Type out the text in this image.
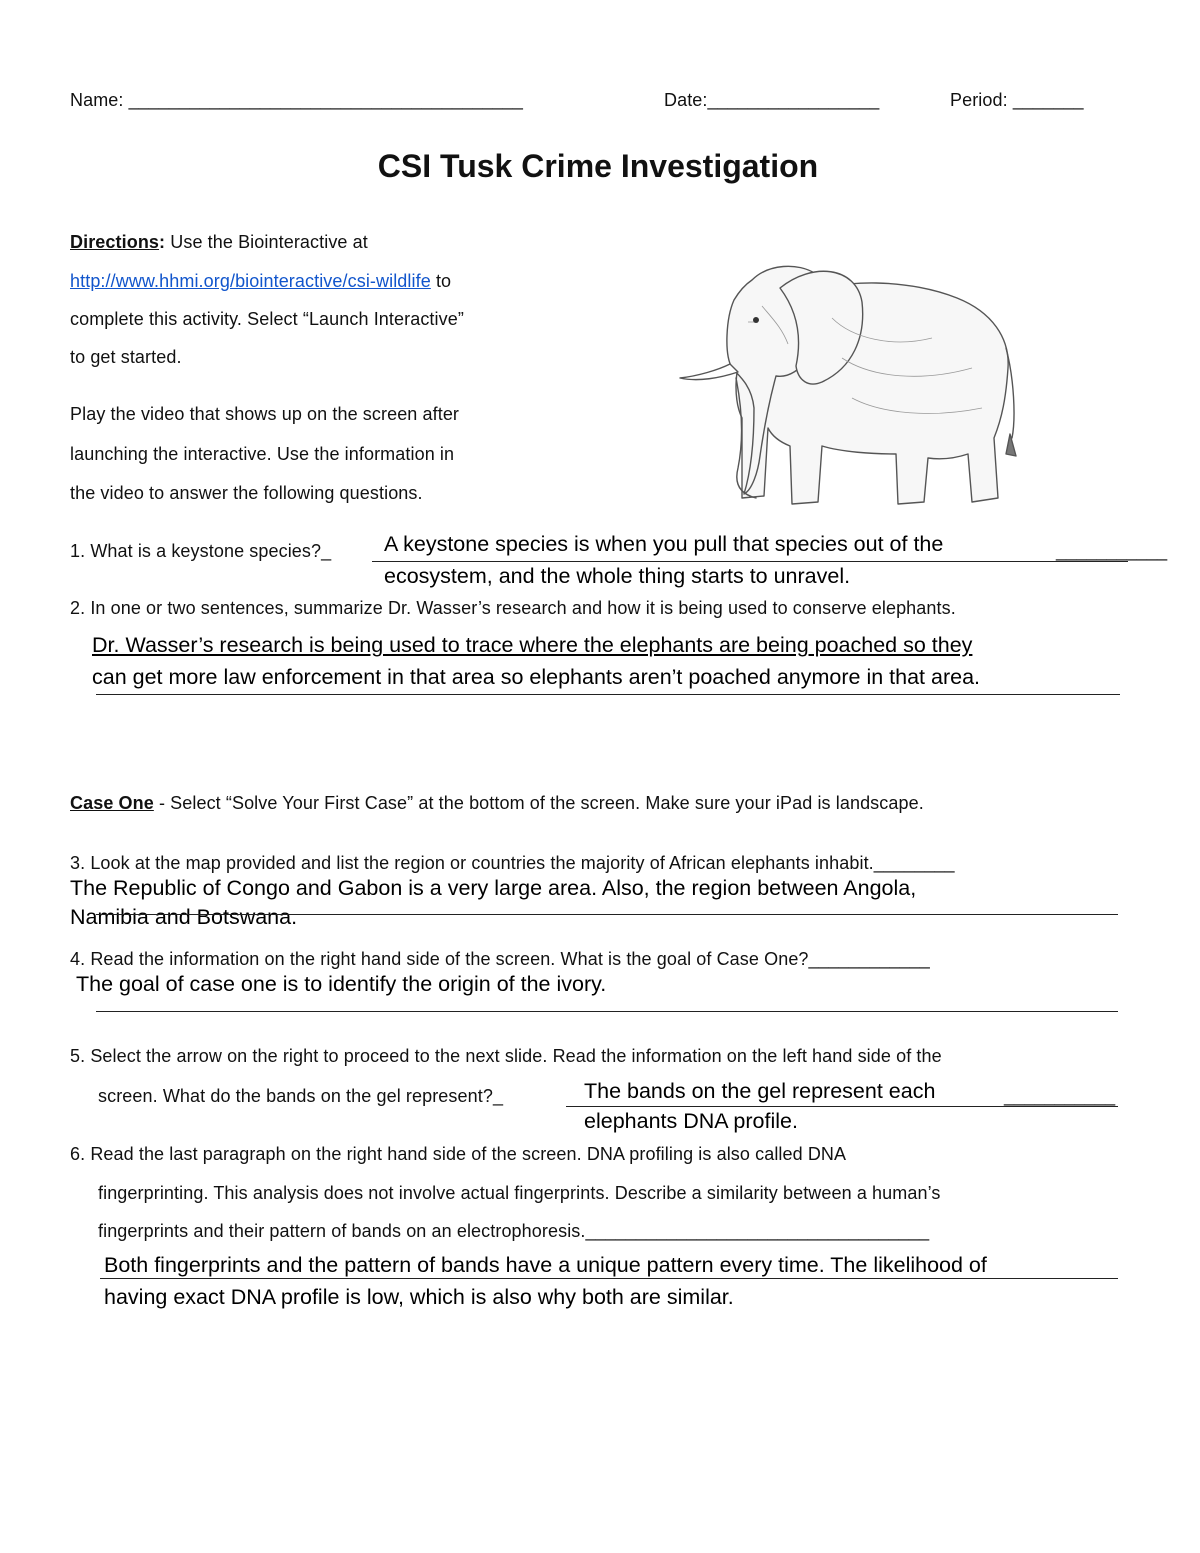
Name: _______________________________________	Date:_________________	Period: _______
CSI Tusk Crime Investigation
Directions: Use the Biointeractive at
http://www.hhmi.org/biointeractive/csi-wildlife to
complete this activity. Select “Launch Interactive”
to get started.
Play the video that shows up on the screen after
launching the interactive. Use the information in
the video to answer the following questions.
1. What is a keystone species?_ A keystone species is when you pull that species out of the	___________
ecosystem, and the whole thing starts to unravel.
2. In one or two sentences, summarize Dr. Wasser’s research and how it is being used to conserve elephants.
Dr. Wasser’s research is being used to trace where the elephants are being poached so they
can get more law enforcement in that area so elephants aren’t poached anymore in that area.
Case One - Select “Solve Your First Case” at the bottom of the screen. Make sure your iPad is landscape.
3. Look at the map provided and list the region or countries the majority of African elephants inhabit.________
The Republic of Congo and Gabon is a very large area. Also, the region between Angola,
Namibia and Botswana.
4. Read the information on the right hand side of the screen. What is the goal of Case One?____________
The goal of case one is to identify the origin of the ivory.
5. Select the arrow on the right to proceed to the next slide. Read the information on the left hand side of the
screen. What do the bands on the gel represent?_	The bands on the gel represent each	___________
elephants DNA profile.
6. Read the last paragraph on the right hand side of the screen. DNA profiling is also called DNA
fingerprinting. This analysis does not involve actual fingerprints. Describe a similarity between a human’s
fingerprints and their pattern of bands on an electrophoresis.__________________________________
Both fingerprints and the pattern of bands have a unique pattern every time. The likelihood of
having exact DNA profile is low, which is also why both are similar.
